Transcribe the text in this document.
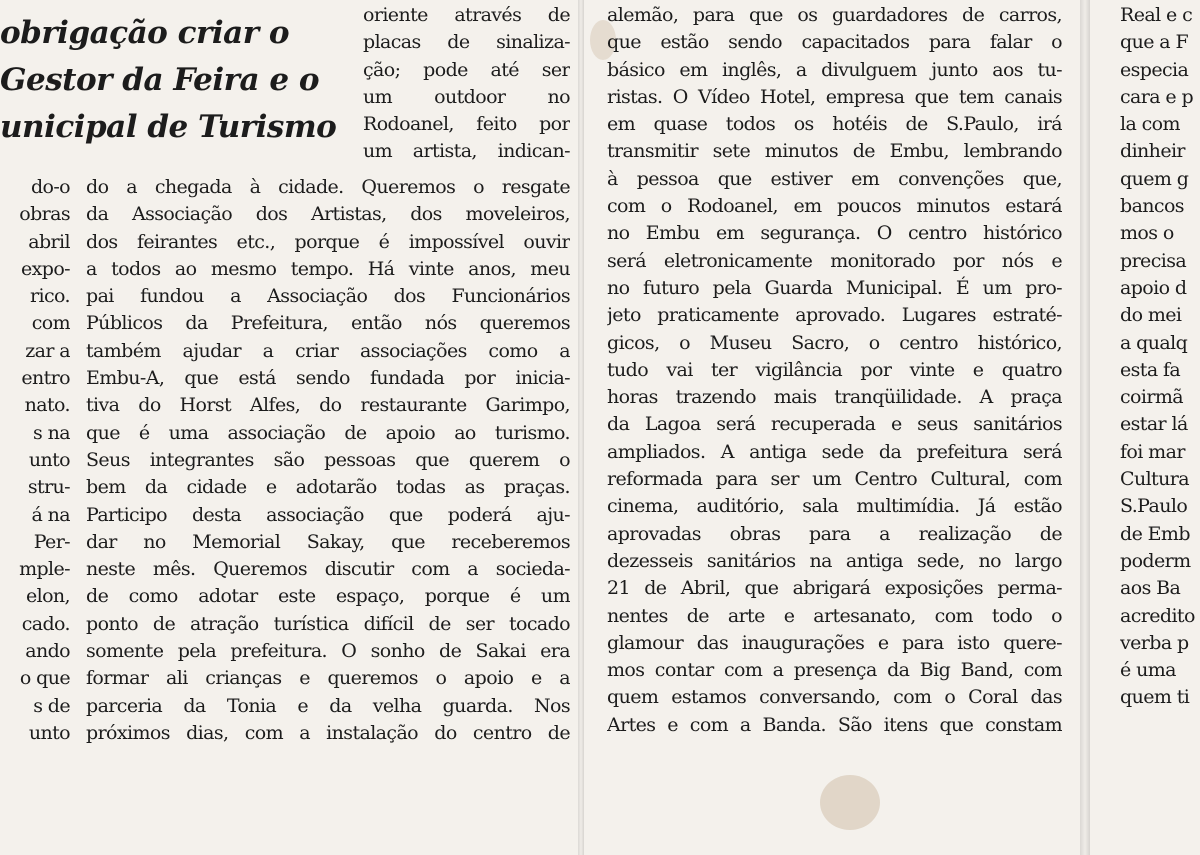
obrigação criar o
Gestor da Feira e o
unicipal de Turismo
do-o
obras
abril
expo-
rico.
com
zar a
entro
nato.
s na
unto
stru-
á na
Per-
mple-
elon,
cado.
ando
o que
s de
unto
oriente através de
placas de sinaliza-
ção; pode até ser
um outdoor no
Rodoanel, feito por
um artista, indican-
do a chegada à cidade. Queremos o resgate
da Associação dos Artistas, dos moveleiros,
dos feirantes etc., porque é impossível ouvir
a todos ao mesmo tempo. Há vinte anos, meu
pai fundou a Associação dos Funcionários
Públicos da Prefeitura, então nós queremos
também ajudar a criar associações como a
Embu-A, que está sendo fundada por inicia-
tiva do Horst Alfes, do restaurante Garimpo,
que é uma associação de apoio ao turismo.
Seus integrantes são pessoas que querem o
bem da cidade e adotarão todas as praças.
Participo desta associação que poderá aju-
dar no Memorial Sakay, que receberemos
neste mês. Queremos discutir com a socieda-
de como adotar este espaço, porque é um
ponto de atração turística difícil de ser tocado
somente pela prefeitura. O sonho de Sakai era
formar ali crianças e queremos o apoio e a
parceria da Tonia e da velha guarda. Nos
próximos dias, com a instalação do centro de
alemão, para que os guardadores de carros,
que estão sendo capacitados para falar o
básico em inglês, a divulguem junto aos tu-
ristas. O Vídeo Hotel, empresa que tem canais
em quase todos os hotéis de S.Paulo, irá
transmitir sete minutos de Embu, lembrando
à pessoa que estiver em convenções que,
com o Rodoanel, em poucos minutos estará
no Embu em segurança. O centro histórico
será eletronicamente monitorado por nós e
no futuro pela Guarda Municipal. É um pro-
jeto praticamente aprovado. Lugares estraté-
gicos, o Museu Sacro, o centro histórico,
tudo vai ter vigilância por vinte e quatro
horas trazendo mais tranqüilidade. A praça
da Lagoa será recuperada e seus sanitários
ampliados. A antiga sede da prefeitura será
reformada para ser um Centro Cultural, com
cinema, auditório, sala multimídia. Já estão
aprovadas obras para a realização de
dezesseis sanitários na antiga sede, no largo
21 de Abril, que abrigará exposições perma-
nentes de arte e artesanato, com todo o
glamour das inaugurações e para isto quere-
mos contar com a presença da Big Band, com
quem estamos conversando, com o Coral das
Artes e com a Banda. São itens que constam
Real e c
que a F
especia
cara e p
la com
dinheir
quem g
bancos
mos o
precisa
apoio d
do mei
a qualq
esta fa
coirmã
estar lá
foi mar
Cultura
S.Paulo
de Emb
poderm
aos Ba
acredito
verba p
é uma
quem ti
